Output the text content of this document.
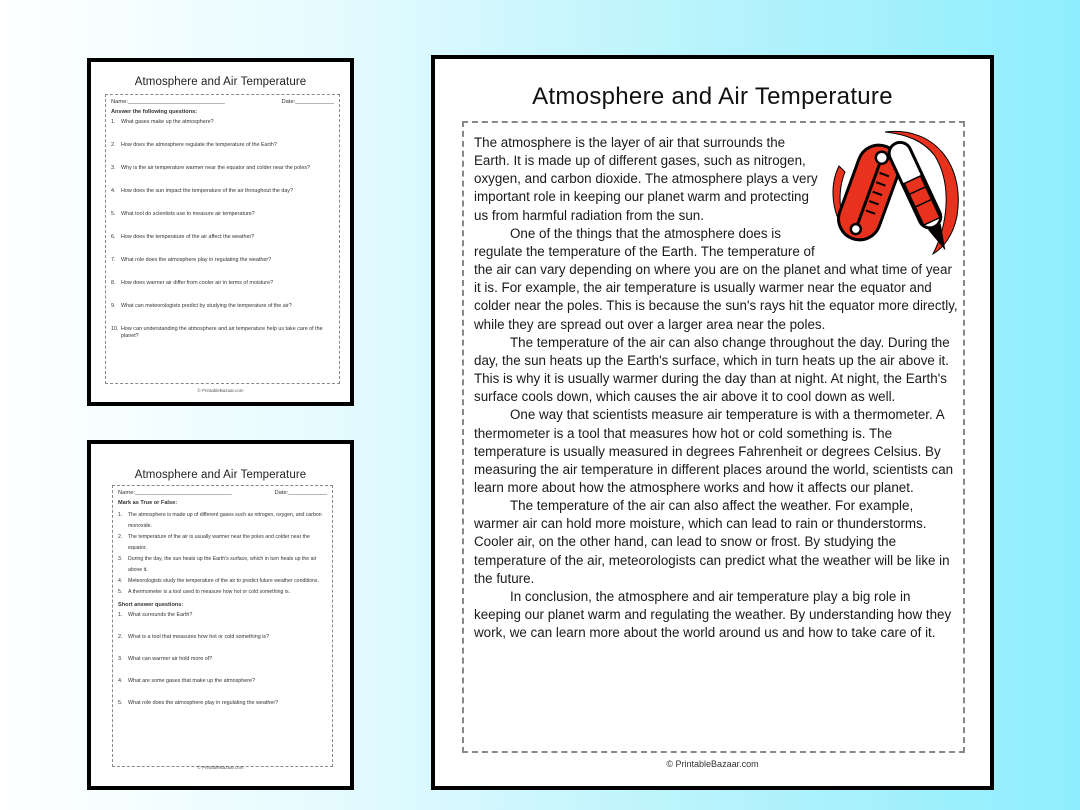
Atmosphere and Air Temperature
Name:______________________________	Date:____________
Answer the following questions:
1.	What gases make up the atmosphere?
2.	How does the atmosphere regulate the temperature of the Earth?
3.	Why is the air temperature warmer near the equator and colder near the poles?
4.	How does the sun impact the temperature of the air throughout the day?
5.	What tool do scientists use to measure air temperature?
6.	How does the temperature of the air affect the weather?
7.	What role does the atmosphere play in regulating the weather?
8.	How does warmer air differ from cooler air in terms of moisture?
9.	What can meteorologists predict by studying the temperature of the air?
10. How can understanding the atmosphere and air temperature help us take care of the planet?
© PrintableBazaar.com
Atmosphere and Air Temperature
Name:______________________________	Date:____________
Mark as True or False:
1.	The atmosphere is made up of different gases such as nitrogen, oxygen, and carbon monoxide.
2.	The temperature of the air is usually warmer near the poles and colder near the equator.
3.	During the day, the sun heats up the Earth's surface, which in turn heats up the air above it.
4.	Meteorologists study the temperature of the air to predict future weather conditions.
5.	A thermometer is a tool used to measure how hot or cold something is.
Short answer questions:
1.	What surrounds the Earth?
2.	What is a tool that measures how hot or cold something is?
3.	What can warmer air hold more of?
4.	What are some gases that make up the atmosphere?
5.	What role does the atmosphere play in regulating the weather?
© PrintableBazaar.com
Atmosphere and Air Temperature

The atmosphere is the layer of air that surrounds the Earth. It is made up of different gases, such as nitrogen, oxygen, and carbon dioxide. The atmosphere plays a very important role in keeping our planet warm and protecting us from harmful radiation from the sun.

One of the things that the atmosphere does is regulate the temperature of the Earth. The temperature of the air can vary depending on where you are on the planet and what time of year it is. For example, the air temperature is usually warmer near the equator and colder near the poles. This is because the sun's rays hit the equator more directly, while they are spread out over a larger area near the poles.

The temperature of the air can also change throughout the day. During the day, the sun heats up the Earth's surface, which in turn heats up the air above it. This is why it is usually warmer during the day than at night. At night, the Earth's surface cools down, which causes the air above it to cool down as well.

One way that scientists measure air temperature is with a thermometer. A thermometer is a tool that measures how hot or cold something is. The temperature is usually measured in degrees Fahrenheit or degrees Celsius. By measuring the air temperature in different places around the world, scientists can learn more about how the atmosphere works and how it affects our planet.

The temperature of the air can also affect the weather. For example, warmer air can hold more moisture, which can lead to rain or thunderstorms. Cooler air, on the other hand, can lead to snow or frost. By studying the temperature of the air, meteorologists can predict what the weather will be like in the future.

In conclusion, the atmosphere and air temperature play a big role in keeping our planet warm and regulating the weather. By understanding how they work, we can learn more about the world around us and how to take care of it.

© PrintableBazaar.com
